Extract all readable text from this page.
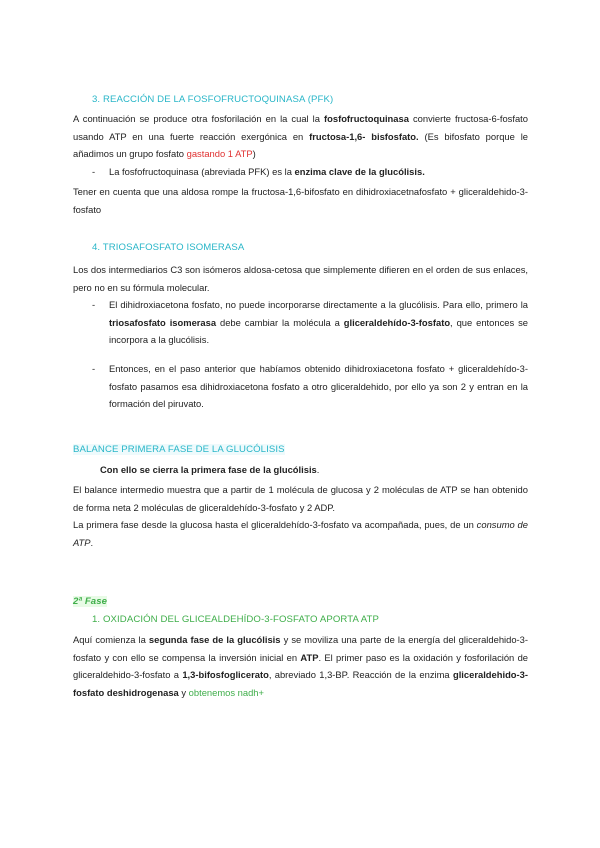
3. REACCIÓN DE LA FOSFOFRUCTOQUINASA (PFK)
A continuación se produce otra fosforilación en la cual la fosfofructoquinasa convierte fructosa-6-fosfato usando ATP en una fuerte reacción exergónica en fructosa-1,6- bisfosfato. (Es bifosfato porque le añadimos un grupo fosfato gastando 1 ATP)
- La fosfofructoquinasa (abreviada PFK) es la enzima clave de la glucólisis.
Tener en cuenta que una aldosa rompe la fructosa-1,6-bifosfato en dihidroxiacetnafosfato + gliceraldehido-3-fosfato
4. TRIOSAFOSFATO ISOMERASA
Los dos intermediarios C3 son isómeros aldosa-cetosa que simplemente difieren en el orden de sus enlaces, pero no en su fórmula molecular.
- El dihidroxiacetona fosfato, no puede incorporarse directamente a la glucólisis. Para ello, primero la triosafosfato isomerasa debe cambiar la molécula a gliceraldehído-3-fosfato, que entonces se incorpora a la glucólisis.
- Entonces, en el paso anterior que habíamos obtenido dihidroxiacetona fosfato + gliceraldehído-3-fosfato pasamos esa dihidroxiacetona fosfato a otro gliceraldehido, por ello ya son 2 y entran en la formación del piruvato.
BALANCE PRIMERA FASE DE LA GLUCÓLISIS
Con ello se cierra la primera fase de la glucólisis.
El balance intermedio muestra que a partir de 1 molécula de glucosa y 2 moléculas de ATP se han obtenido de forma neta 2 moléculas de gliceraldehído-3-fosfato y 2 ADP.
La primera fase desde la glucosa hasta el gliceraldehído-3-fosfato va acompañada, pues, de un consumo de ATP.
2ª Fase
1. OXIDACIÓN DEL GLICEALDEHÍDO-3-FOSFATO APORTA ATP
Aquí comienza la segunda fase de la glucólisis y se moviliza una parte de la energía del gliceraldehido-3-fosfato y con ello se compensa la inversión inicial en ATP. El primer paso es la oxidación y fosforilación de gliceraldehido-3-fosfato a 1,3-bifosfoglicerato, abreviado 1,3-BP. Reacción de la enzima gliceraldehido-3-fosfato deshidrogenasa y obtenemos nadh+
